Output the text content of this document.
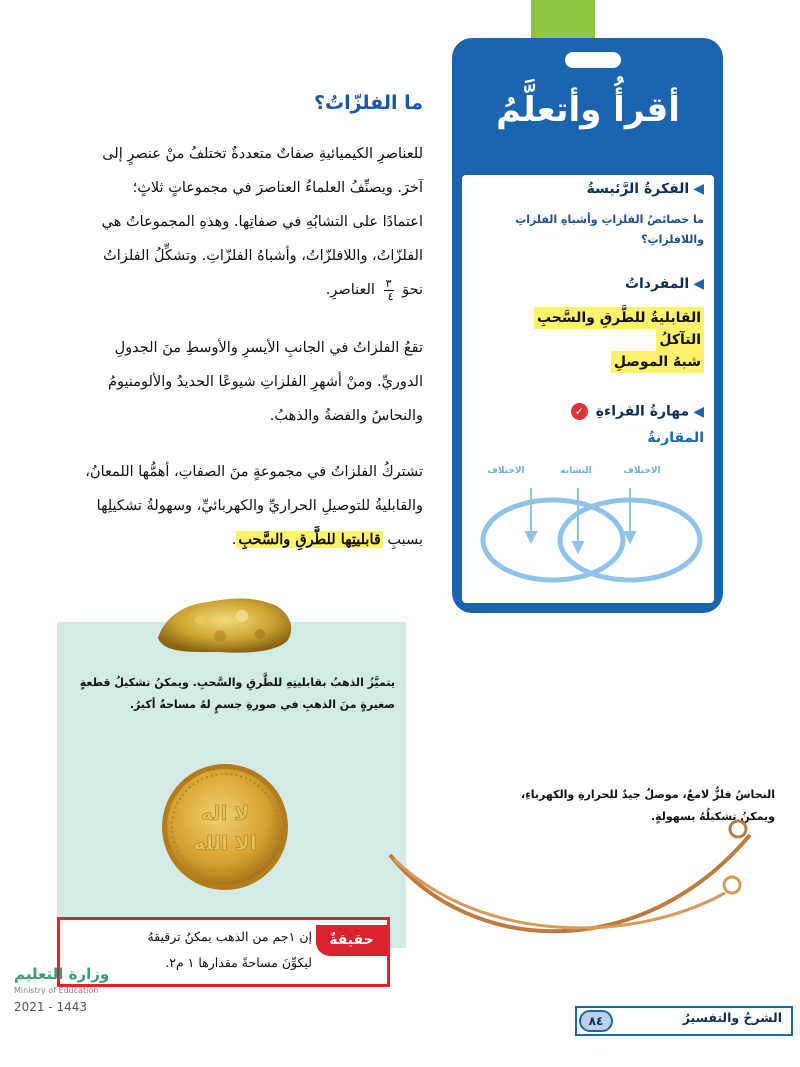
ما الفلزّاتُ؟
للعناصرِ الكيميائيةِ صفاتٌ متعددةٌ تختلفُ منْ عنصرٍ إلى
آخرَ. ويصنِّفُ العلماءُ العناصرَ في مجموعاتٍ ثلاثٍ؛
اعتمادًا على التشابُهِ في صفاتِها. وهذهِ المجموعاتُ هي
الفلزّاتُ، واللافلزّاتُ، وأشباهُ الفلزّاتِ. وتشكِّلُ الفلزاتُ
نحوَ
$\frac{٣}{٤}$
العناصرِ.
تقعُ الفلزاتُ في الجانبِ الأيسرِ والأوسطِ منَ الجدولِ
الدوريِّ. ومنْ أشهرِ الفلزاتِ شيوعًا الحديدُ والألومنيومُ
والنحاسُ والفضةُ والذهبُ.
تشتركُ الفلزاتُ في مجموعةٍ منَ الصفاتِ، أهمُّها اللمعانُ،
والقابليةُ للتوصيلِ الحراريِّ والكهربائيِّ، وسهولةُ تشكيلِها
بسببِ قابليتِها للطَّرقِ والسَّحبِ.
أقرأُ وأتعلَّمُ
◀الفكرةُ الرَّئيسةُ
ما خصائصُ الفلزاتِ وأشباهِ الفلزاتِ واللافلزاتِ؟
◀المفرداتُ
القابليةُ للطَّرقِ والسَّحبِ
التآكلُ
شبهُ الموصلِ
◀مهارةُ القراءةِ ✓
المقارنةُ
الاختلاف	التشابه	الاختلاف
يتميَّزُ الذهبُ بقابليتِهِ للطَّرقِ والسَّحبِ. ويمكنُ تشكيلُ قطعةٍ صغيرةٍ منَ الذهبِ في صورةِ جسمٍ لهُ مساحةٌ أكبرُ.
لا اله
الا الله
النحاسُ فلزٌّ لامعٌ، موصلٌ جيدٌ للحرارةِ والكهرباءِ، ويمكنُ تشكيلُهُ بسهولةٍ.
حقيقةٌ
إن ١جم من الذهب يمكنُ ترقيقهُ
ليكوِّنَ مساحةً مقدارها ١ م٢.
وزارة التعليم
Ministry of Education
2021 - 1443
الشرحُ والتفسيرُ
٨٤
